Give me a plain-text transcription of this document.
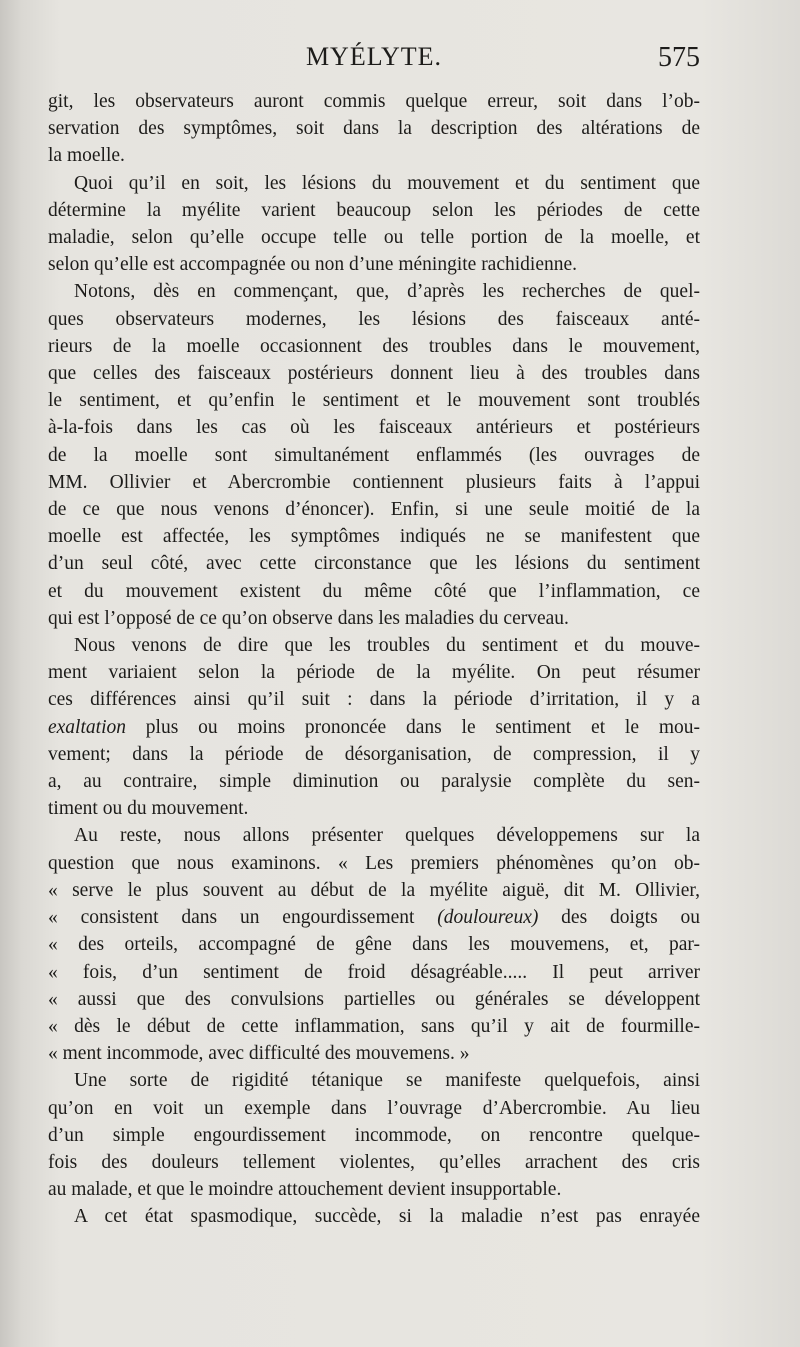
MYÉLYTE.	575
git, les observateurs auront commis quelque erreur, soit dans l’ob-
servation des symptômes, soit dans la description des altérations de
la moelle.
Quoi qu’il en soit, les lésions du mouvement et du sentiment que
détermine la myélite varient beaucoup selon les périodes de cette
maladie, selon qu’elle occupe telle ou telle portion de la moelle, et
selon qu’elle est accompagnée ou non d’une méningite rachidienne.
Notons, dès en commençant, que, d’après les recherches de quel-
ques observateurs modernes, les lésions des faisceaux anté-
rieurs de la moelle occasionnent des troubles dans le mouvement,
que celles des faisceaux postérieurs donnent lieu à des troubles dans
le sentiment, et qu’enfin le sentiment et le mouvement sont troublés
à-la-fois dans les cas où les faisceaux antérieurs et postérieurs
de la moelle sont simultanément enflammés (les ouvrages de
MM. Ollivier et Abercrombie contiennent plusieurs faits à l’appui
de ce que nous venons d’énoncer). Enfin, si une seule moitié de la
moelle est affectée, les symptômes indiqués ne se manifestent que
d’un seul côté, avec cette circonstance que les lésions du sentiment
et du mouvement existent du même côté que l’inflammation, ce
qui est l’opposé de ce qu’on observe dans les maladies du cerveau.
Nous venons de dire que les troubles du sentiment et du mouve-
ment variaient selon la période de la myélite. On peut résumer
ces différences ainsi qu’il suit : dans la période d’irritation, il y a
exaltation plus ou moins prononcée dans le sentiment et le mou-
vement; dans la période de désorganisation, de compression, il y
a, au contraire, simple diminution ou paralysie complète du sen-
timent ou du mouvement.
Au reste, nous allons présenter quelques développemens sur la
question que nous examinons. « Les premiers phénomènes qu’on ob-
« serve le plus souvent au début de la myélite aiguë, dit M. Ollivier,
« consistent dans un engourdissement (douloureux) des doigts ou
« des orteils, accompagné de gêne dans les mouvemens, et, par-
« fois, d’un sentiment de froid désagréable..... Il peut arriver
« aussi que des convulsions partielles ou générales se développent
« dès le début de cette inflammation, sans qu’il y ait de fourmille-
« ment incommode, avec difficulté des mouvemens. »
Une sorte de rigidité tétanique se manifeste quelquefois, ainsi
qu’on en voit un exemple dans l’ouvrage d’Abercrombie. Au lieu
d’un simple engourdissement incommode, on rencontre quelque-
fois des douleurs tellement violentes, qu’elles arrachent des cris
au malade, et que le moindre attouchement devient insupportable.
A cet état spasmodique, succède, si la maladie n’est pas enrayée
